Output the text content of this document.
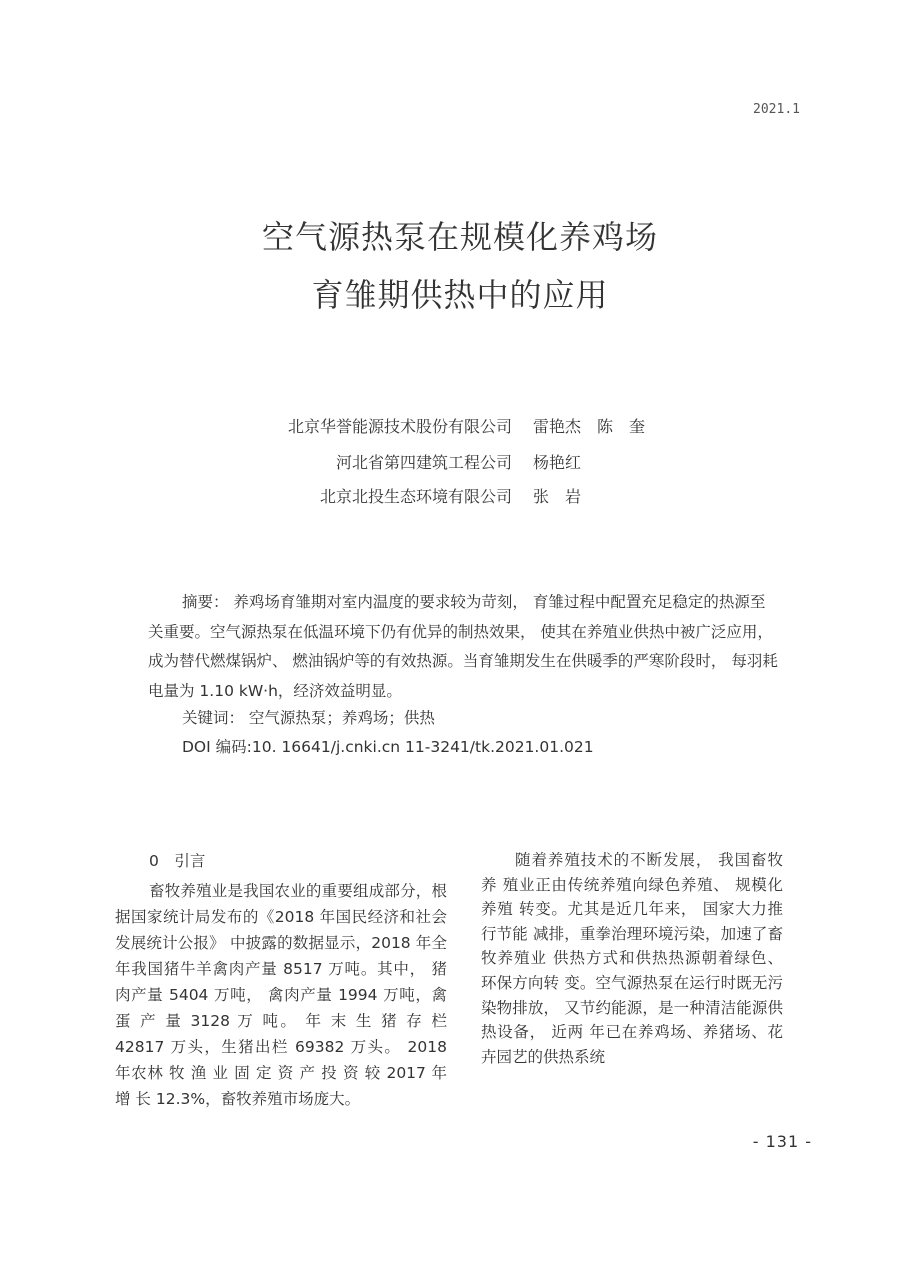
2021.1
空气源热泵在规模化养鸡场
育雏期供热中的应用
北京华誉能源技术股份有限公司 雷艳杰　陈　奎
河北省第四建筑工程公司 杨艳红
北京北投生态环境有限公司 张　岩

摘要： 养鸡场育雏期对室内温度的要求较为苛刻， 育雏过程中配置充足稳定的热源至关重要。空气源热泵在低温环境下仍有优异的制热效果， 使其在养殖业供热中被广泛应用， 成为替代燃煤锅炉、 燃油锅炉等的有效热源。当育雏期发生在供暖季的严寒阶段时， 每羽耗电量为 1.10 kW·h，经济效益明显。

关键词： 空气源热泵；养鸡场；供热
DOI 编码:10. 16641/j.cnki.cn 11-3241/tk.2021.01.021
0　引言

畜牧养殖业是我国农业的重要组成部分，根据国家统计局发布的《2018 年国民经济和社会发展统计公报》 中披露的数据显示，2018 年全年我国猪牛羊禽肉产量 8517 万吨。其中， 猪肉产量 5404 万吨， 禽肉产量 1994 万吨，禽 蛋 产 量 3128 万 吨。 年 末 生 猪 存 栏 42817 万头，生猪出栏 69382 万头。 2018 年农林 牧 渔 业 固 定 资 产 投 资 较 2017 年 增 长 12.3%，畜牧养殖市场庞大。

随着养殖技术的不断发展， 我国畜牧养 殖业正由传统养殖向绿色养殖、 规模化养殖 转变。尤其是近几年来， 国家大力推行节能 减排，重拳治理环境污染，加速了畜牧养殖业 供热方式和供热热源朝着绿色、 环保方向转 变。空气源热泵在运行时既无污染物排放， 又节约能源，是一种清洁能源供热设备， 近两 年已在养鸡场、养猪场、花卉园艺的供热系统

- 131 -
